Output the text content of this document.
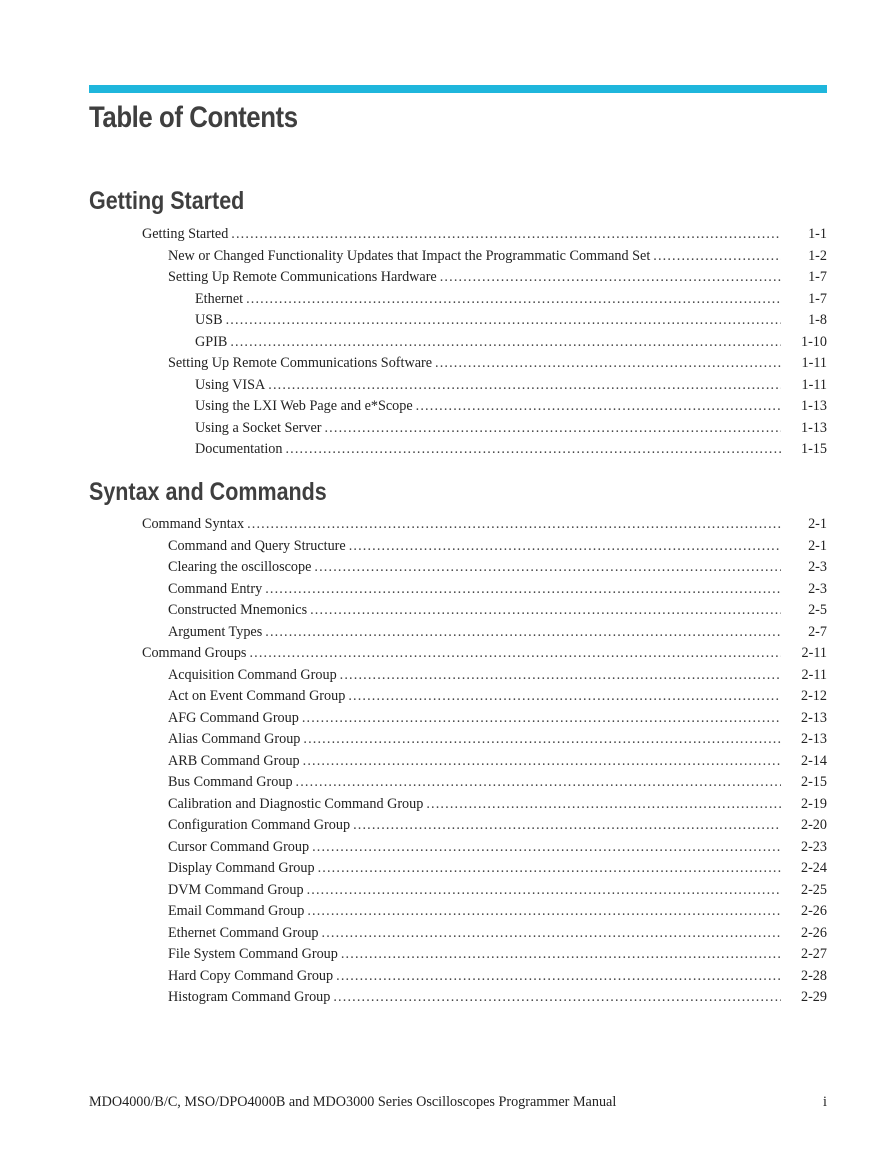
Table of Contents
Getting Started
Getting Started . . .	1-1
New or Changed Functionality Updates that Impact the Programmatic Command Set . . .	1-2
Setting Up Remote Communications Hardware . . .	1-7
Ethernet . . .	1-7
USB . . .	1-8
GPIB . . .	1-10
Setting Up Remote Communications Software . . .	1-11
Using VISA . . .	1-11
Using the LXI Web Page and e*Scope . . .	1-13
Using a Socket Server . . .	1-13
Documentation . . .	1-15
Syntax and Commands
Command Syntax . . .	2-1
Command and Query Structure . . .	2-1
Clearing the oscilloscope . . .	2-3
Command Entry . . .	2-3
Constructed Mnemonics . . .	2-5
Argument Types . . .	2-7
Command Groups . . .	2-11
Acquisition Command Group . . .	2-11
Act on Event Command Group . . .	2-12
AFG Command Group . . .	2-13
Alias Command Group . . .	2-13
ARB Command Group . . .	2-14
Bus Command Group . . .	2-15
Calibration and Diagnostic Command Group . . .	2-19
Configuration Command Group . . .	2-20
Cursor Command Group . . .	2-23
Display Command Group . . .	2-24
DVM Command Group . . .	2-25
Email Command Group . . .	2-26
Ethernet Command Group . . .	2-26
File System Command Group . . .	2-27
Hard Copy Command Group . . .	2-28
Histogram Command Group . . .	2-29
MDO4000/B/C, MSO/DPO4000B and MDO3000 Series Oscilloscopes Programmer Manual	i
